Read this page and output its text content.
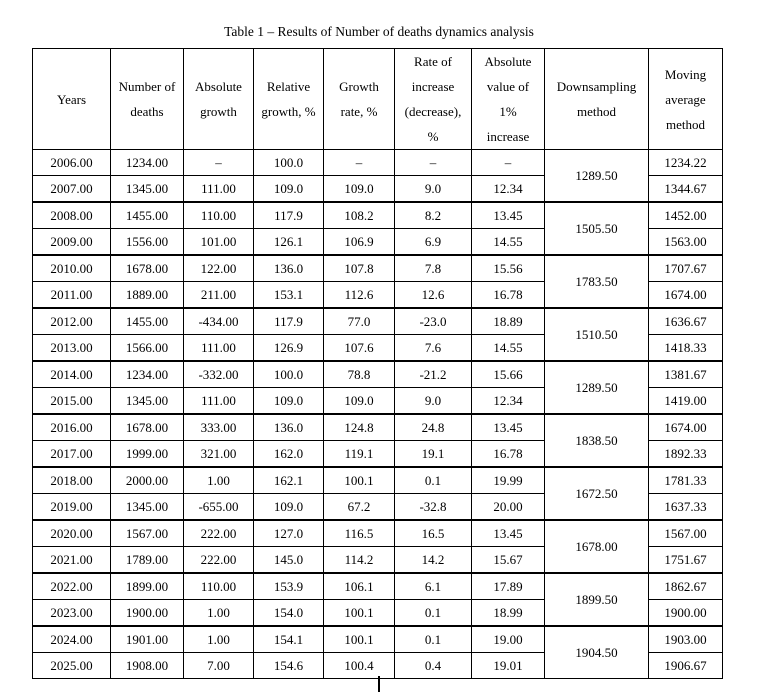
Table 1 – Results of Number of deaths dynamics analysis
Years	Number of deaths	Absolute growth	Relative growth, %	Growth rate, %	Rate of increase (decrease), %	Absolute value of 1% increase	Downsampling method	Moving average method
2006.00	1234.00	–	100.0	–	–	–	1289.50	1234.22
2007.00	1345.00	111.00	109.0	109.0	9.0	12.34		1344.67
2008.00	1455.00	110.00	117.9	108.2	8.2	13.45	1505.50	1452.00
2009.00	1556.00	101.00	126.1	106.9	6.9	14.55		1563.00
2010.00	1678.00	122.00	136.0	107.8	7.8	15.56	1783.50	1707.67
2011.00	1889.00	211.00	153.1	112.6	12.6	16.78		1674.00
2012.00	1455.00	-434.00	117.9	77.0	-23.0	18.89	1510.50	1636.67
2013.00	1566.00	111.00	126.9	107.6	7.6	14.55		1418.33
2014.00	1234.00	-332.00	100.0	78.8	-21.2	15.66	1289.50	1381.67
2015.00	1345.00	111.00	109.0	109.0	9.0	12.34		1419.00
2016.00	1678.00	333.00	136.0	124.8	24.8	13.45	1838.50	1674.00
2017.00	1999.00	321.00	162.0	119.1	19.1	16.78		1892.33
2018.00	2000.00	1.00	162.1	100.1	0.1	19.99	1672.50	1781.33
2019.00	1345.00	-655.00	109.0	67.2	-32.8	20.00		1637.33
2020.00	1567.00	222.00	127.0	116.5	16.5	13.45	1678.00	1567.00
2021.00	1789.00	222.00	145.0	114.2	14.2	15.67		1751.67
2022.00	1899.00	110.00	153.9	106.1	6.1	17.89	1899.50	1862.67
2023.00	1900.00	1.00	154.0	100.1	0.1	18.99		1900.00
2024.00	1901.00	1.00	154.1	100.1	0.1	19.00	1904.50	1903.00
2025.00	1908.00	7.00	154.6	100.4	0.4	19.01		1906.67
